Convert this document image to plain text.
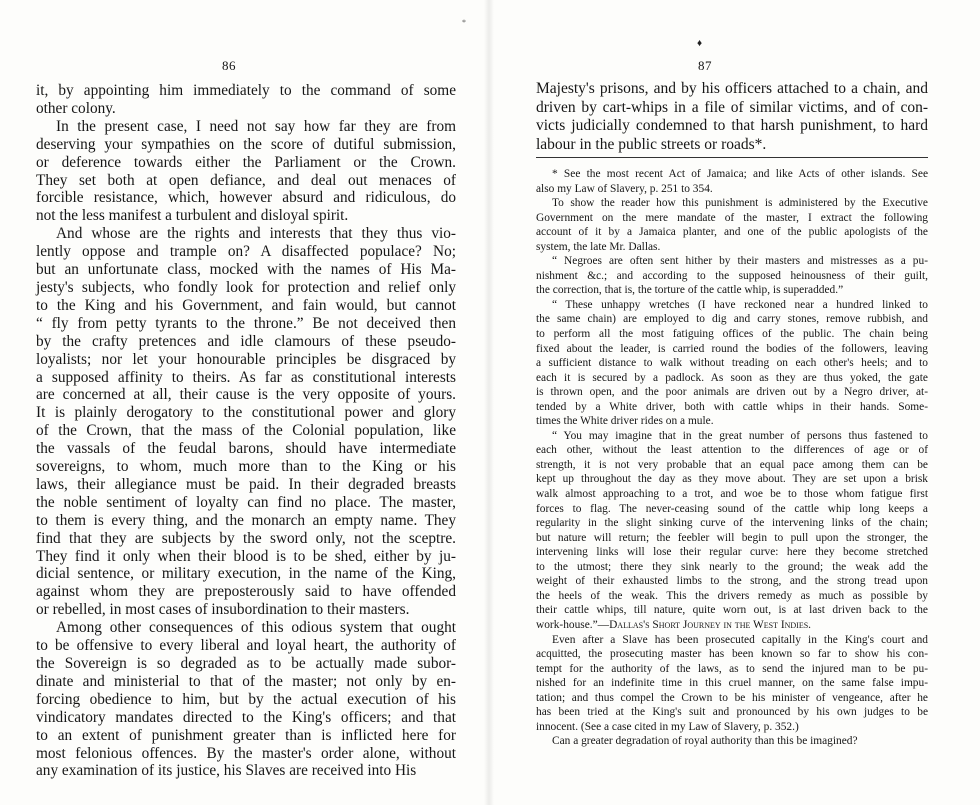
*
86
it, by appointing him immediately to the command of some
other colony.
In the present case, I need not say how far they are from
deserving your sympathies on the score of dutiful submission,
or deference towards either the Parliament or the Crown.
They set both at open defiance, and deal out menaces of
forcible resistance, which, however absurd and ridiculous, do
not the less manifest a turbulent and disloyal spirit.
And whose are the rights and interests that they thus vio-
lently oppose and trample on? A disaffected populace? No;
but an unfortunate class, mocked with the names of His Ma-
jesty's subjects, who fondly look for protection and relief only
to the King and his Government, and fain would, but cannot
“ fly from petty tyrants to the throne.” Be not deceived then
by the crafty pretences and idle clamours of these pseudo-
loyalists; nor let your honourable principles be disgraced by
a supposed affinity to theirs. As far as constitutional interests
are concerned at all, their cause is the very opposite of yours.
It is plainly derogatory to the constitutional power and glory
of the Crown, that the mass of the Colonial population, like
the vassals of the feudal barons, should have intermediate
sovereigns, to whom, much more than to the King or his
laws, their allegiance must be paid. In their degraded breasts
the noble sentiment of loyalty can find no place. The master,
to them is every thing, and the monarch an empty name. They
find that they are subjects by the sword only, not the sceptre.
They find it only when their blood is to be shed, either by ju-
dicial sentence, or military execution, in the name of the King,
against whom they are preposterously said to have offended
or rebelled, in most cases of insubordination to their masters.
Among other consequences of this odious system that ought
to be offensive to every liberal and loyal heart, the authority of
the Sovereign is so degraded as to be actually made subor-
dinate and ministerial to that of the master; not only by en-
forcing obedience to him, but by the actual execution of his
vindicatory mandates directed to the King's officers; and that
to an extent of punishment greater than is inflicted here for
most felonious offences. By the master's order alone, without
any examination of its justice, his Slaves are received into His
♦
87
Majesty's prisons, and by his officers attached to a chain, and
driven by cart-whips in a file of similar victims, and of con-
victs judicially condemned to that harsh punishment, to hard
labour in the public streets or roads*.
* See the most recent Act of Jamaica; and like Acts of other islands. See
also my Law of Slavery, p. 251 to 354.
To show the reader how this punishment is administered by the Executive
Government on the mere mandate of the master, I extract the following
account of it by a Jamaica planter, and one of the public apologists of the
system, the late Mr. Dallas.
“ Negroes are often sent hither by their masters and mistresses as a pu-
nishment &c.; and according to the supposed heinousness of their guilt,
the correction, that is, the torture of the cattle whip, is superadded.”
“ These unhappy wretches (I have reckoned near a hundred linked to
the same chain) are employed to dig and carry stones, remove rubbish, and
to perform all the most fatiguing offices of the public. The chain being
fixed about the leader, is carried round the bodies of the followers, leaving
a sufficient distance to walk without treading on each other's heels; and to
each it is secured by a padlock. As soon as they are thus yoked, the gate
is thrown open, and the poor animals are driven out by a Negro driver, at-
tended by a White driver, both with cattle whips in their hands. Some-
times the White driver rides on a mule.
“ You may imagine that in the great number of persons thus fastened to
each other, without the least attention to the differences of age or of
strength, it is not very probable that an equal pace among them can be
kept up throughout the day as they move about. They are set upon a brisk
walk almost approaching to a trot, and woe be to those whom fatigue first
forces to flag. The never-ceasing sound of the cattle whip long keeps a
regularity in the slight sinking curve of the intervening links of the chain;
but nature will return; the feebler will begin to pull upon the stronger, the
intervening links will lose their regular curve: here they become stretched
to the utmost; there they sink nearly to the ground; the weak add the
weight of their exhausted limbs to the strong, and the strong tread upon
the heels of the weak. This the drivers remedy as much as possible by
their cattle whips, till nature, quite worn out, is at last driven back to the
work-house.”—Dallas's Short Journey in the West Indies.
Even after a Slave has been prosecuted capitally in the King's court and
acquitted, the prosecuting master has been known so far to show his con-
tempt for the authority of the laws, as to send the injured man to be pu-
nished for an indefinite time in this cruel manner, on the same false impu-
tation; and thus compel the Crown to be his minister of vengeance, after he
has been tried at the King's suit and pronounced by his own judges to be
innocent. (See a case cited in my Law of Slavery, p. 352.)
Can a greater degradation of royal authority than this be imagined?
